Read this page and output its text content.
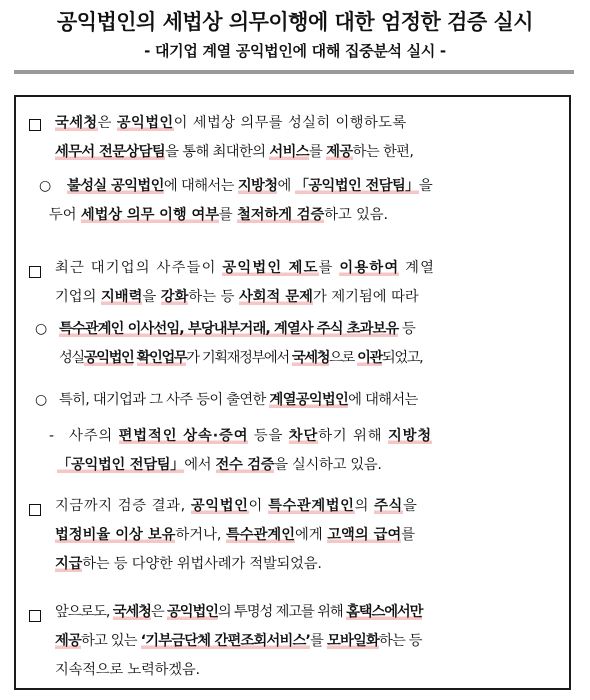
공익법인의 세법상 의무이행에 대한 엄정한 검증 실시
- 대기업 계열 공익법인에 대해 집중분석 실시 -
국세청은 공익법인이 세법상 의무를 성실히 이행하도록
세무서 전문상담팀을 통해 최대한의 서비스를 제공하는 한편,
○ 불성실 공익법인에 대해서는 지방청에 「공익법인 전담팀」을
두어 세법상 의무 이행 여부를 철저하게 검증하고 있음.
최근 대기업의 사주들이 공익법인 제도를 이용하여 계열
기업의 지배력을 강화하는 등 사회적 문제가 제기됨에 따라
○ 특수관계인 이사선임, 부당내부거래, 계열사 주식 초과보유 등
성실공익법인 확인업무가 기획재정부에서 국세청으로 이관되었고,
○ 특히, 대기업과 그 사주 등이 출연한 계열공익법인에 대해서는
- 사주의 편법적인 상속·증여 등을 차단하기 위해 지방청
「공익법인 전담팀」에서 전수 검증을 실시하고 있음.
지금까지 검증 결과, 공익법인이 특수관계법인의 주식을
법정비율 이상 보유하거나, 특수관계인에게 고액의 급여를
지급하는 등 다양한 위법사례가 적발되었음.
앞으로도, 국세청은 공익법인의 투명성 제고를 위해 홈택스에서만
제공하고 있는 ‘기부금단체 간편조회서비스’를 모바일화하는 등
지속적으로 노력하겠음.
